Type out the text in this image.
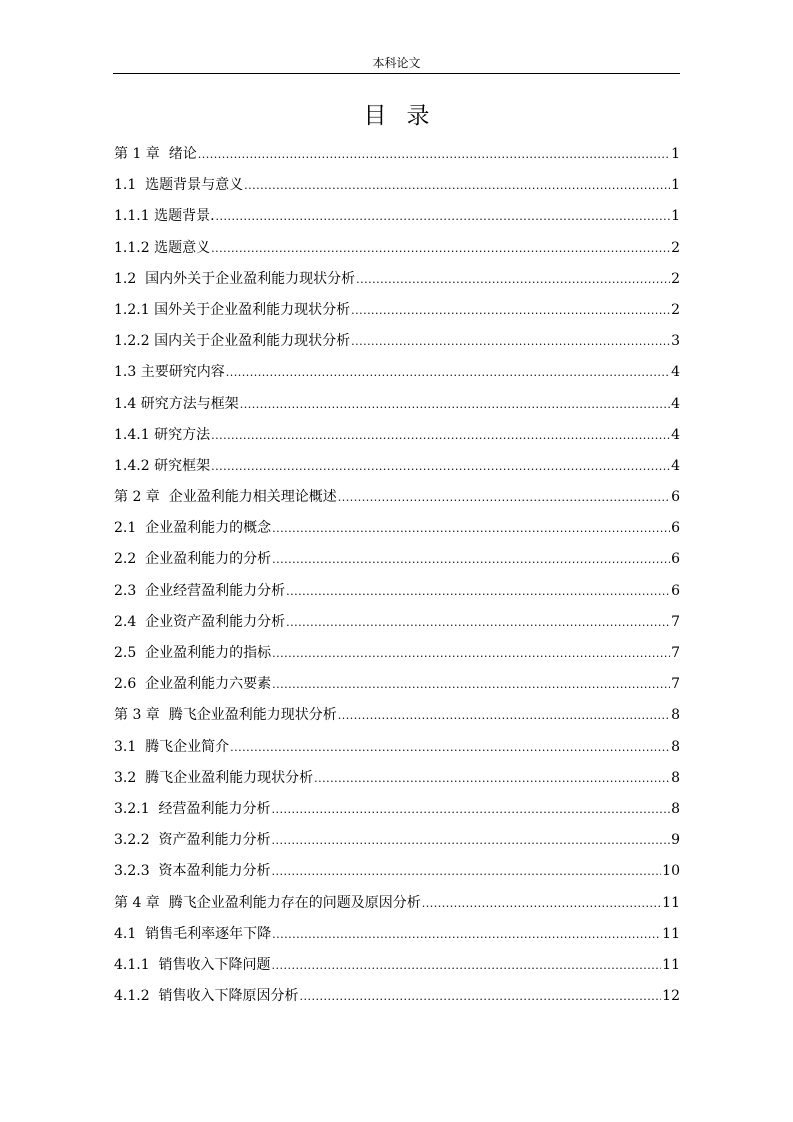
本科论文
目录
第 1 章  绪论 .....	1
1.1  选题背景与意义 .....	1
1.1.1 选题背景. .....	1
1.1.2 选题意义 .....	2
1.2  国内外关于企业盈利能力现状分析 .....	2
1.2.1 国外关于企业盈利能力现状分析 .....	2
1.2.2 国内关于企业盈利能力现状分析 .....	3
1.3 主要研究内容 .....	4
1.4 研究方法与框架 .....	4
1.4.1 研究方法 .....	4
1.4.2 研究框架 .....	4
第 2 章  企业盈利能力相关理论概述 .....	6
2.1  企业盈利能力的概念 .....	6
2.2  企业盈利能力的分析 .....	6
2.3  企业经营盈利能力分析 .....	6
2.4  企业资产盈利能力分析 .....	7
2.5  企业盈利能力的指标 .....	7
2.6  企业盈利能力六要素 .....	7
第 3 章  腾飞企业盈利能力现状分析 .....	8
3.1  腾飞企业简介 .....	8
3.2  腾飞企业盈利能力现状分析 .....	8
3.2.1  经营盈利能力分析 .....	8
3.2.2  资产盈利能力分析 .....	9
3.2.3  资本盈利能力分析 .....	10
第 4 章  腾飞企业盈利能力存在的问题及原因分析 .....	11
4.1  销售毛利率逐年下降 .....	11
4.1.1  销售收入下降问题 .....	11
4.1.2  销售收入下降原因分析 .....	12
